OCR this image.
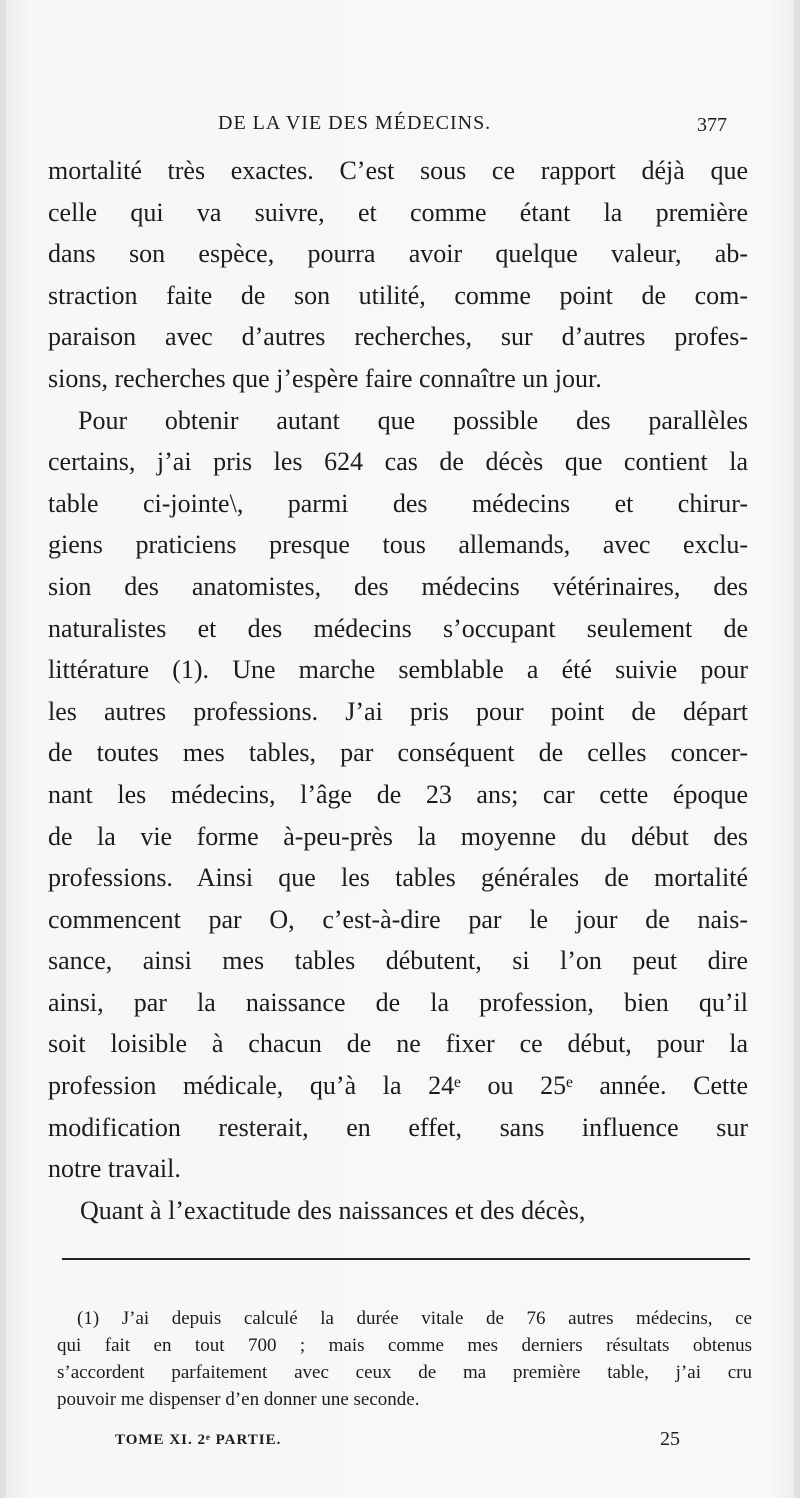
DE LA VIE DES MÉDECINS.	377
mortalité très exactes. C’est sous ce rapport déjà que
celle qui va suivre, et comme étant la première
dans son espèce, pourra avoir quelque valeur, ab-
straction faite de son utilité, comme point de com-
paraison avec d’autres recherches, sur d’autres profes-
sions, recherches que j’espère faire connaître un jour.
Pour obtenir autant que possible des parallèles
certains, j’ai pris les 624 cas de décès que contient la
table ci-jointe\, parmi des médecins et chirur-
giens praticiens presque tous allemands, avec exclu-
sion des anatomistes, des médecins vétérinaires, des
naturalistes et des médecins s’occupant seulement de
littérature (1). Une marche semblable a été suivie pour
les autres professions. J’ai pris pour point de départ
de toutes mes tables, par conséquent de celles concer-
nant les médecins, l’âge de 23 ans; car cette époque
de la vie forme à-peu-près la moyenne du début des
professions. Ainsi que les tables générales de mortalité
commencent par O, c’est-à-dire par le jour de nais-
sance, ainsi mes tables débutent, si l’on peut dire
ainsi, par la naissance de la profession, bien qu’il
soit loisible à chacun de ne fixer ce début, pour la
profession médicale, qu’à la 24ᵉ ou 25ᵉ année. Cette
modification resterait, en effet, sans influence sur
notre travail.
Quant à l’exactitude des naissances et des décès,
(1) J’ai depuis calculé la durée vitale de 76 autres médecins, ce
qui fait en tout 700 ; mais comme mes derniers résultats obtenus
s’accordent parfaitement avec ceux de ma première table, j’ai cru
pouvoir me dispenser d’en donner une seconde.
TOME XI. 2ᵉ PARTIE.	25
